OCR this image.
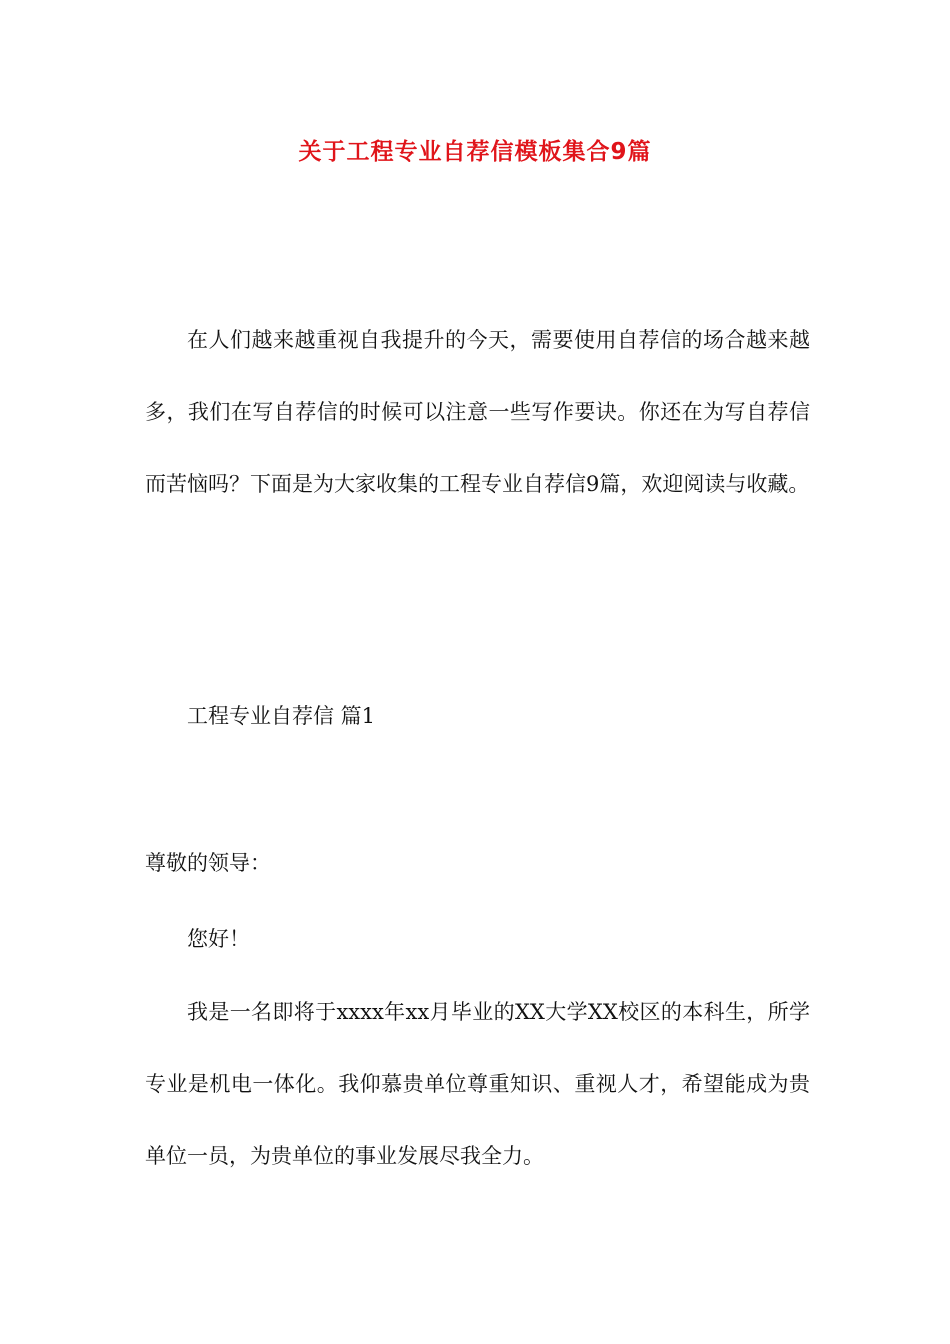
关于工程专业自荐信模板集合9篇

在人们越来越重视自我提升的今天，需要使用自荐信的场合越来越多，我们在写自荐信的时候可以注意一些写作要诀。你还在为写自荐信而苦恼吗？下面是为大家收集的工程专业自荐信9篇，欢迎阅读与收藏。

工程专业自荐信 篇1
尊敬的领导：
您好！

我是一名即将于xxxx年xx月毕业的XX大学XX校区的本科生，所学专业是机电一体化。我仰慕贵单位尊重知识、重视人才，希望能成为贵单位一员，为贵单位的事业发展尽我全力。
